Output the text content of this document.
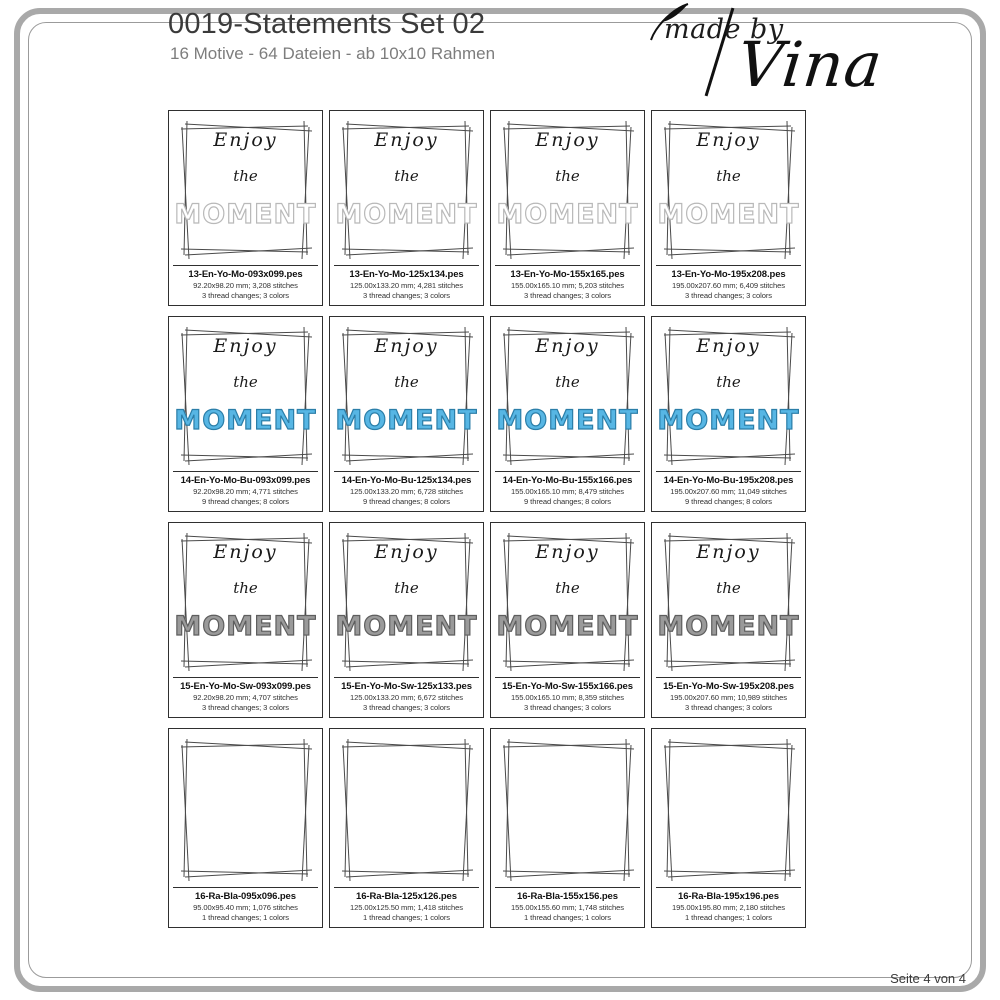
0019-Statements Set 02
16 Motive - 64 Dateien - ab 10x10 Rahmen
made by
Vina
Enjoy
the
MOMENT
13-En-Yo-Mo-093x099.pes
92.20x98.20 mm; 3,208 stitches
3 thread changes; 3 colors
Enjoy
the
MOMENT
13-En-Yo-Mo-125x134.pes
125.00x133.20 mm; 4,281 stitches
3 thread changes; 3 colors
Enjoy
the
MOMENT
13-En-Yo-Mo-155x165.pes
155.00x165.10 mm; 5,203 stitches
3 thread changes; 3 colors
Enjoy
the
MOMENT
13-En-Yo-Mo-195x208.pes
195.00x207.60 mm; 6,409 stitches
3 thread changes; 3 colors
Enjoy
the
MOMENT
14-En-Yo-Mo-Bu-093x099.pes
92.20x98.20 mm; 4,771 stitches
9 thread changes; 8 colors
Enjoy
the
MOMENT
14-En-Yo-Mo-Bu-125x134.pes
125.00x133.20 mm; 6,728 stitches
9 thread changes; 8 colors
Enjoy
the
MOMENT
14-En-Yo-Mo-Bu-155x166.pes
155.00x165.10 mm; 8,479 stitches
9 thread changes; 8 colors
Enjoy
the
MOMENT
14-En-Yo-Mo-Bu-195x208.pes
195.00x207.60 mm; 11,049 stitches
9 thread changes; 8 colors
Enjoy
the
MOMENT
15-En-Yo-Mo-Sw-093x099.pes
92.20x98.20 mm; 4,707 stitches
3 thread changes; 3 colors
Enjoy
the
MOMENT
15-En-Yo-Mo-Sw-125x133.pes
125.00x133.20 mm; 6,672 stitches
3 thread changes; 3 colors
Enjoy
the
MOMENT
15-En-Yo-Mo-Sw-155x166.pes
155.00x165.10 mm; 8,359 stitches
3 thread changes; 3 colors
Enjoy
the
MOMENT
15-En-Yo-Mo-Sw-195x208.pes
195.00x207.60 mm; 10,989 stitches
3 thread changes; 3 colors
16-Ra-Bla-095x096.pes
95.00x95.40 mm; 1,076 stitches
1 thread changes; 1 colors
16-Ra-Bla-125x126.pes
125.00x125.50 mm; 1,418 stitches
1 thread changes; 1 colors
16-Ra-Bla-155x156.pes
155.00x155.60 mm; 1,748 stitches
1 thread changes; 1 colors
16-Ra-Bla-195x196.pes
195.00x195.80 mm; 2,180 stitches
1 thread changes; 1 colors
Seite 4 von 4
